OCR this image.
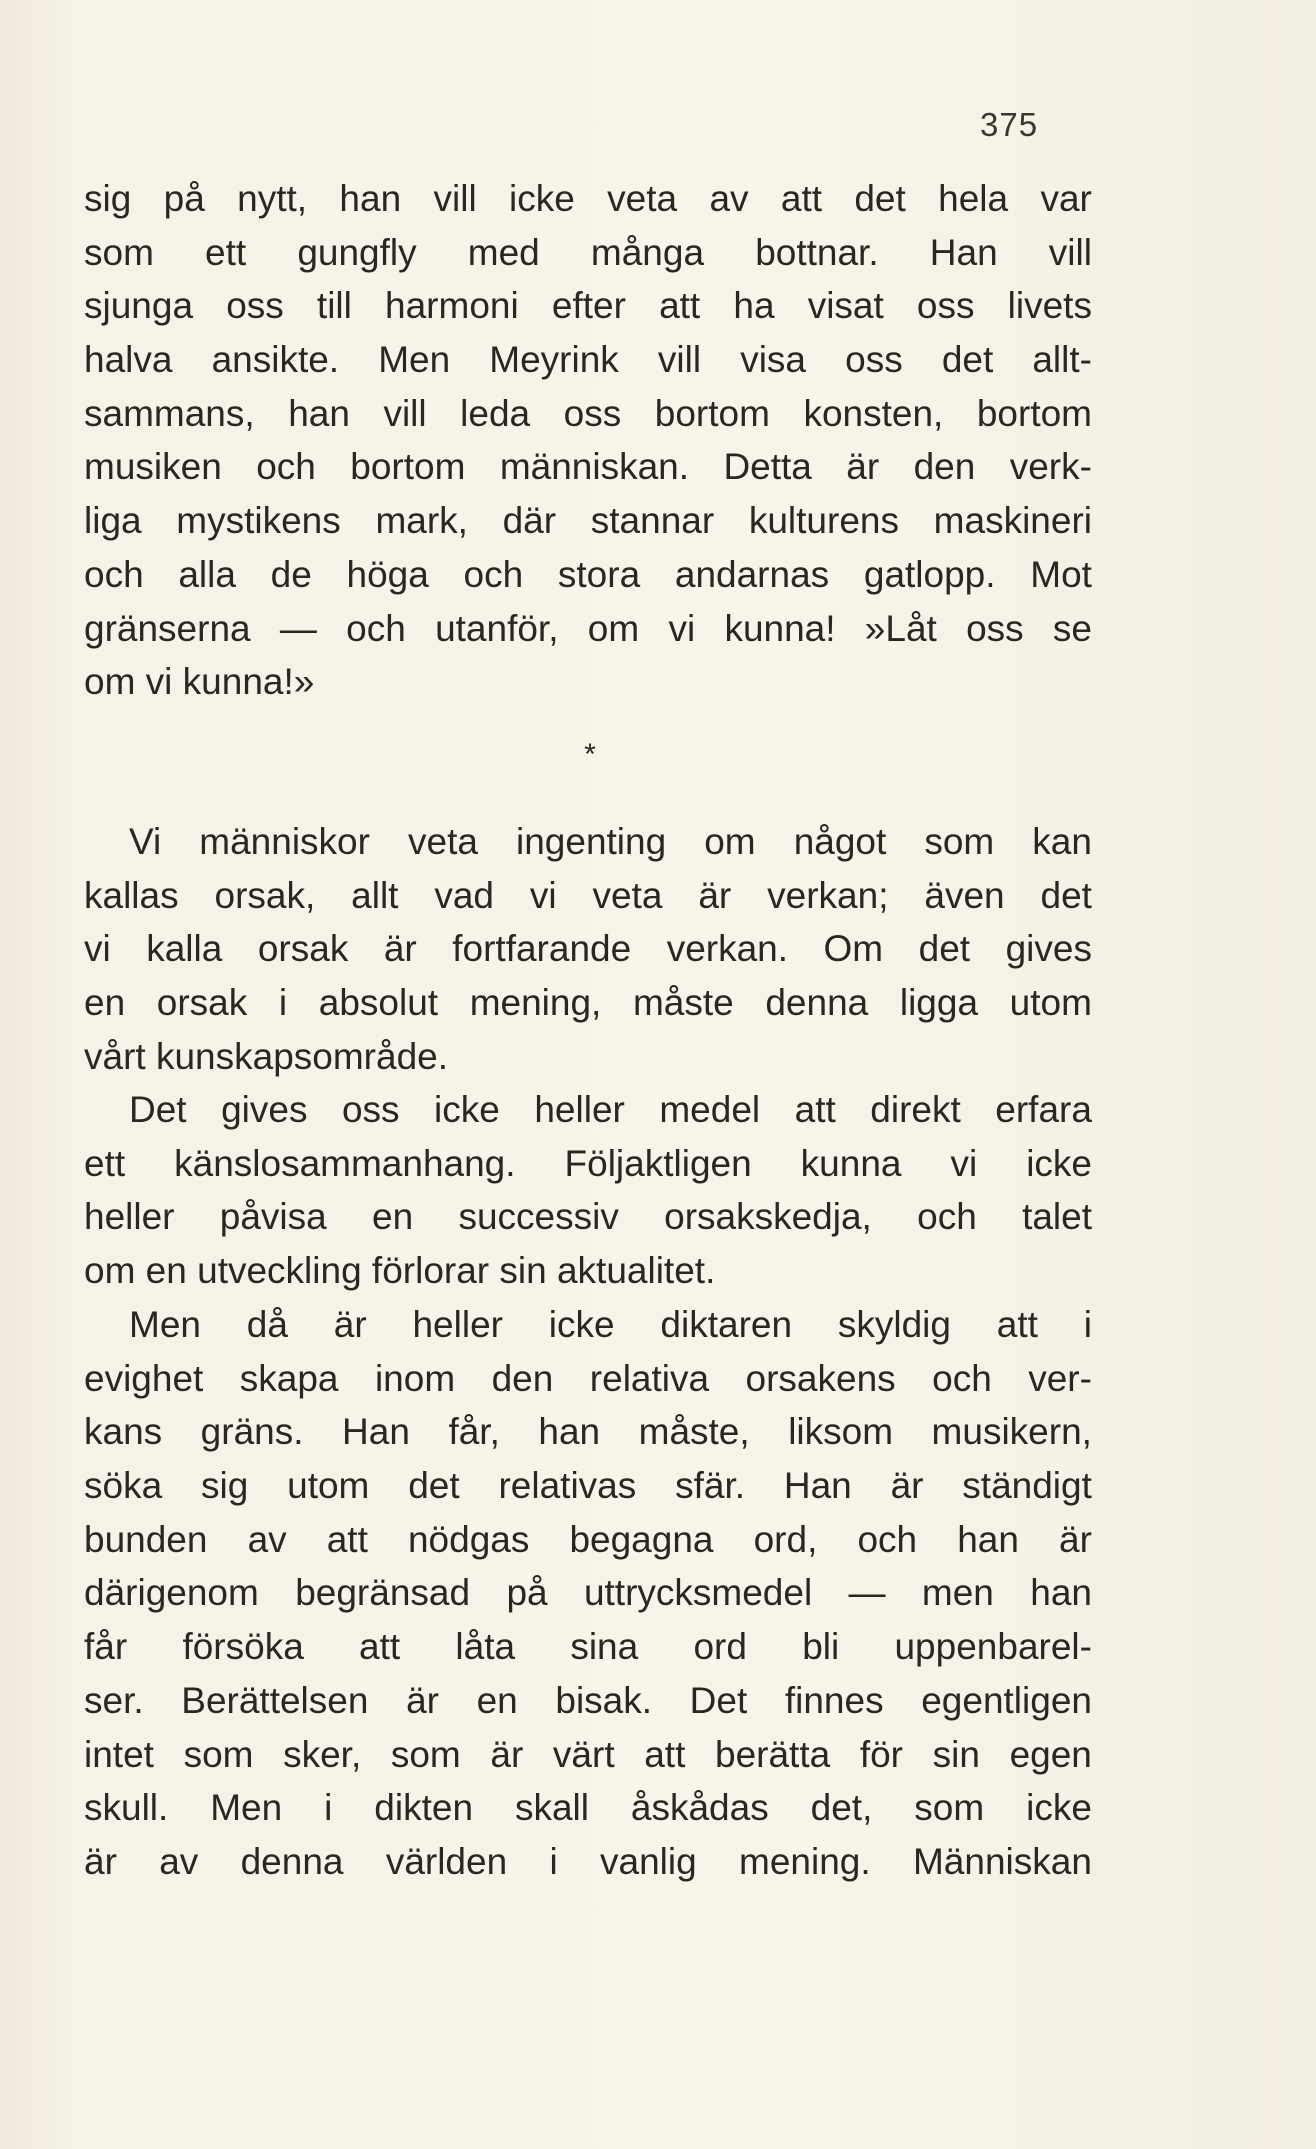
375
sig på nytt, han vill icke veta av att det hela var
som ett gungfly med många bottnar. Han vill
sjunga oss till harmoni efter att ha visat oss livets
halva ansikte. Men Meyrink vill visa oss det allt-
sammans, han vill leda oss bortom konsten, bortom
musiken och bortom människan. Detta är den verk-
liga mystikens mark, där stannar kulturens maskineri
och alla de höga och stora andarnas gatlopp. Mot
gränserna — och utanför, om vi kunna! »Låt oss se
om vi kunna!»
*
Vi människor veta ingenting om något som kan
kallas orsak, allt vad vi veta är verkan; även det
vi kalla orsak är fortfarande verkan. Om det gives
en orsak i absolut mening, måste denna ligga utom
vårt kunskapsområde.
Det gives oss icke heller medel att direkt erfara
ett känslosammanhang. Följaktligen kunna vi icke
heller påvisa en successiv orsakskedja, och talet
om en utveckling förlorar sin aktualitet.
Men då är heller icke diktaren skyldig att i
evighet skapa inom den relativa orsakens och ver-
kans gräns. Han får, han måste, liksom musikern,
söka sig utom det relativas sfär. Han är ständigt
bunden av att nödgas begagna ord, och han är
därigenom begränsad på uttrycksmedel — men han
får försöka att låta sina ord bli uppenbarel-
ser. Berättelsen är en bisak. Det finnes egentligen
intet som sker, som är värt att berätta för sin egen
skull. Men i dikten skall åskådas det, som icke
är av denna världen i vanlig mening. Människan
